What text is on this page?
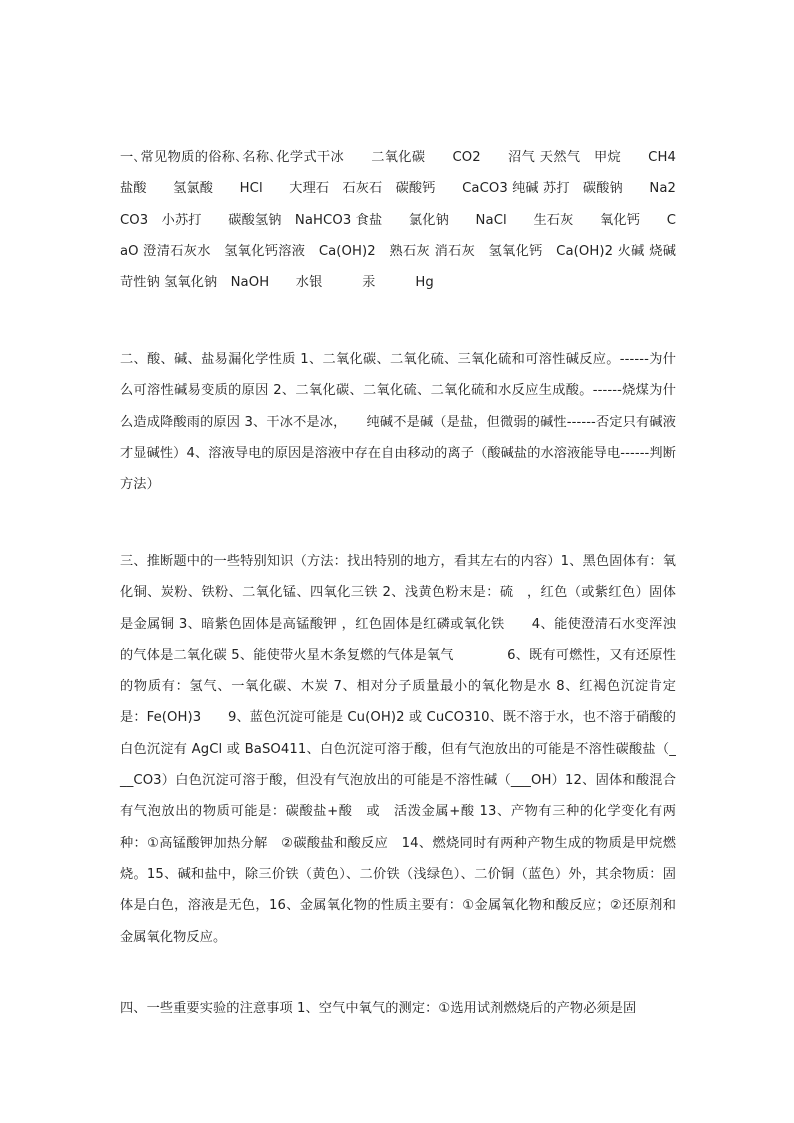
一､常见物质的俗称､名称､化学式干冰　　二氧化碳　　CO2　　沼气 天然气　甲烷　　CH4 盐酸　　氢氯酸　　HCl　　大理石　石灰石　碳酸钙　　CaCO3 纯碱 苏打　碳酸钠　　Na2CO3　小苏打　　碳酸氢钠　NaHCO3 食盐　　氯化钠　　NaCl　　生石灰　　氧化钙　　CaO 澄清石灰水　氢氧化钙溶液　Ca(OH)2　熟石灰 消石灰　氢氧化钙　Ca(OH)2 火碱 烧碱 苛性钠 氢氧化钠　NaOH　　水银　　　汞　　　Hg

二、酸、碱、盐易漏化学性质 1、二氧化碳、二氧化硫、三氧化硫和可溶性碱反应。------为什么可溶性碱易变质的原因 2、二氧化碳、二氧化硫、二氧化硫和水反应生成酸。------烧煤为什么造成降酸雨的原因 3、干冰不是冰，　　纯碱不是碱（是盐，但微弱的碱性------否定只有碱液才显碱性）4、溶液导电的原因是溶液中存在自由移动的离子（酸碱盐的水溶液能导电------判断方法）

三、推断题中的一些特别知识（方法：找出特别的地方，看其左右的内容）1、黑色固体有：氧化铜、炭粉、铁粉、二氧化锰、四氧化三铁 2、浅黄色粉末是：硫　，红色（或紫红色）固体是金属铜 3、暗紫色固体是高锰酸钾 ，红色固体是红磷或氧化铁　　4、能使澄清石水变浑浊的气体是二氧化碳 5、能使带火星木条复燃的气体是氧气　　　　6、既有可燃性，又有还原性的物质有：氢气、一氧化碳、木炭 7、相对分子质量最小的氧化物是水 8、红褐色沉淀肯定是：Fe(OH)3　　9、蓝色沉淀可能是 Cu(OH)2 或 CuCO310、既不溶于水，也不溶于硝酸的白色沉淀有 AgCl 或 BaSO411、白色沉淀可溶于酸，但有气泡放出的可能是不溶性碳酸盐（___CO3）白色沉淀可溶于酸，但没有气泡放出的可能是不溶性碱（___OH）12、固体和酸混合有气泡放出的物质可能是：碳酸盐+酸　或　活泼金属+酸 13、产物有三种的化学变化有两种：①高锰酸钾加热分解　②碳酸盐和酸反应　14、燃烧同时有两种产物生成的物质是甲烷燃烧。15、碱和盐中，除三价铁（黄色）、二价铁（浅绿色）、二价铜（蓝色）外，其余物质：固体是白色，溶液是无色，16、金属氧化物的性质主要有：①金属氧化物和酸反应；②还原剂和金属氧化物反应。

四、一些重要实验的注意事项 1、空气中氧气的测定：①选用试剂燃烧后的产物必须是固
